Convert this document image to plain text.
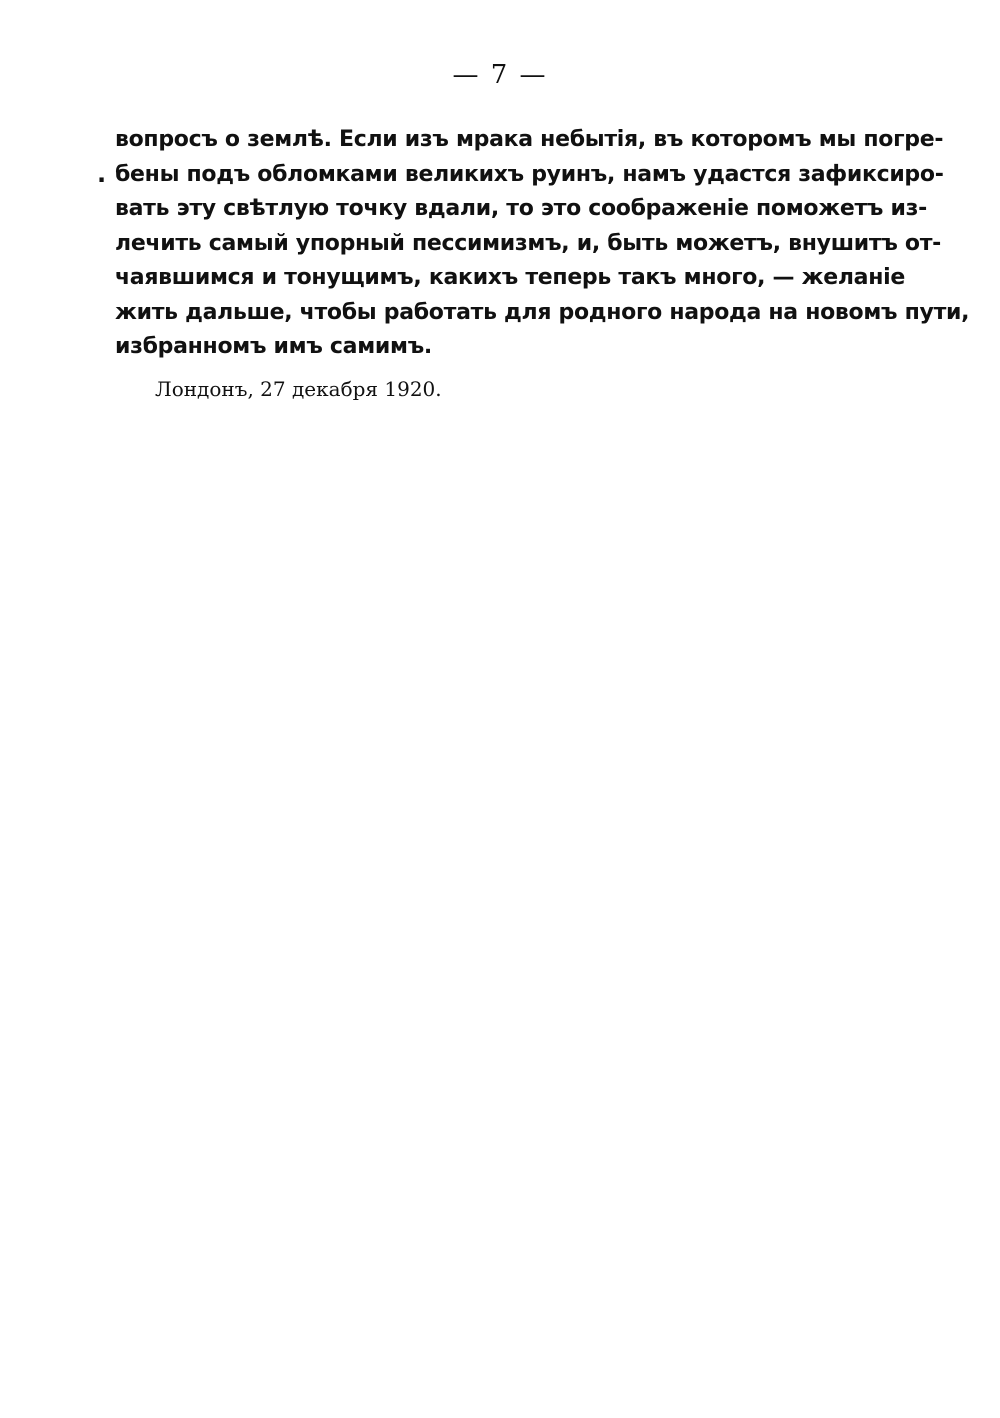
— 7 —
.
вопросъ о землѣ. Если изъ мрака небытія, въ которомъ мы погре-
бены подъ обломками великихъ руинъ, намъ удастся зафиксиро-
вать эту свѣтлую точку вдали, то это соображеніе поможетъ из-
лечить самый упорный пессимизмъ, и, быть можетъ, внушитъ от-
чаявшимся и тонущимъ, какихъ теперь такъ много, — желаніе
жить дальше, чтобы работать для родного народа на новомъ пути,
избранномъ имъ самимъ.
Лондонъ, 27 декабря 1920.
